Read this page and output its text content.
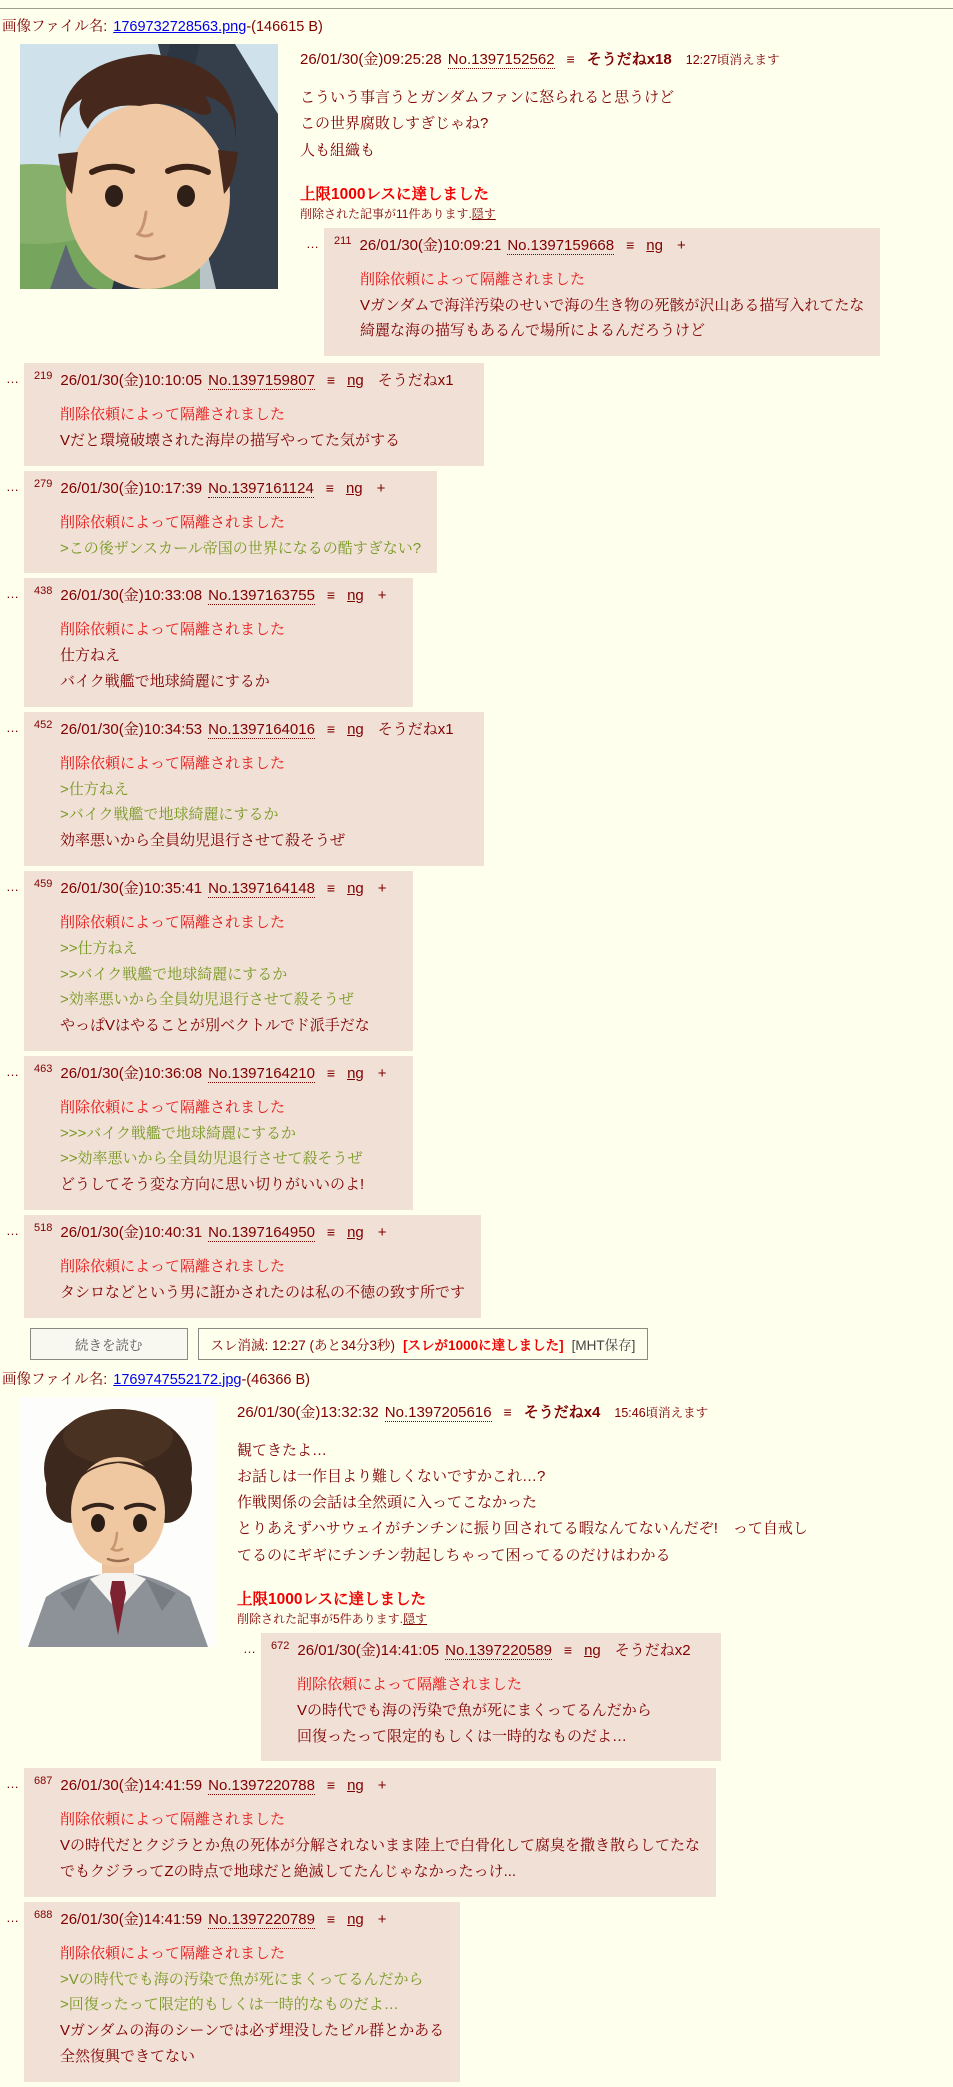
画像ファイル名: 1769732728563.png-(146615 B)
26/01/30(金)09:25:28 No.1397152562 ≡ そうだねx18 12:27頃消えます
こういう事言うとガンダムファンに怒られると思うけど
この世界腐敗しすぎじゃね?
人も組織も
上限1000レスに達しました
削除された記事が11件あります.隠す
…	$^{211}$ 26/01/30(金)10:09:21 No.1397159668 ≡ ng +
削除依頼によって隔離されました
Vガンダムで海洋汚染のせいで海の生き物の死骸が沢山ある描写入れてたな
綺麗な海の描写もあるんで場所によるんだろうけど
…	$^{219}$ 26/01/30(金)10:10:05 No.1397159807 ≡ ng そうだねx1
削除依頼によって隔離されました
Vだと環境破壊された海岸の描写やってた気がする
…	$^{279}$ 26/01/30(金)10:17:39 No.1397161124 ≡ ng +
削除依頼によって隔離されました
>この後ザンスカール帝国の世界になるの酷すぎない?
…	$^{438}$ 26/01/30(金)10:33:08 No.1397163755 ≡ ng +
削除依頼によって隔離されました
仕方ねえ
バイク戦艦で地球綺麗にするか
…	$^{452}$ 26/01/30(金)10:34:53 No.1397164016 ≡ ng そうだねx1
削除依頼によって隔離されました
>仕方ねえ
>バイク戦艦で地球綺麗にするか
効率悪いから全員幼児退行させて殺そうぜ
…	$^{459}$ 26/01/30(金)10:35:41 No.1397164148 ≡ ng +
削除依頼によって隔離されました
>>仕方ねえ
>>バイク戦艦で地球綺麗にするか
>効率悪いから全員幼児退行させて殺そうぜ
やっぱVはやることが別ベクトルでド派手だな
…	$^{463}$ 26/01/30(金)10:36:08 No.1397164210 ≡ ng +
削除依頼によって隔離されました
>>>バイク戦艦で地球綺麗にするか
>>効率悪いから全員幼児退行させて殺そうぜ
どうしてそう変な方向に思い切りがいいのよ!
…	$^{518}$ 26/01/30(金)10:40:31 No.1397164950 ≡ ng +
削除依頼によって隔離されました
タシロなどという男に誑かされたのは私の不徳の致す所です
続きを読む	スレ消滅: 12:27 (あと34分3秒) [スレが1000に達しました] [MHT保存]
画像ファイル名: 1769747552172.jpg-(46366 B)
26/01/30(金)13:32:32 No.1397205616 ≡ そうだねx4 15:46頃消えます
観てきたよ…
お話しは一作目より難しくないですかこれ…?
作戦関係の会話は全然頭に入ってこなかった
とりあえずハサウェイがチンチンに振り回されてる暇なんてないんだぞ!　って自戒し
てるのにギギにチンチン勃起しちゃって困ってるのだけはわかる
上限1000レスに達しました
削除された記事が5件あります.隠す
…	$^{672}$ 26/01/30(金)14:41:05 No.1397220589 ≡ ng そうだねx2
削除依頼によって隔離されました
Vの時代でも海の汚染で魚が死にまくってるんだから
回復ったって限定的もしくは一時的なものだよ…
…	$^{687}$ 26/01/30(金)14:41:59 No.1397220788 ≡ ng +
削除依頼によって隔離されました
Vの時代だとクジラとか魚の死体が分解されないまま陸上で白骨化して腐臭を撒き散らしてたな
でもクジラってZの時点で地球だと絶滅してたんじゃなかったっけ...
…	$^{688}$ 26/01/30(金)14:41:59 No.1397220789 ≡ ng +
削除依頼によって隔離されました
>Vの時代でも海の汚染で魚が死にまくってるんだから
>回復ったって限定的もしくは一時的なものだよ…
Vガンダムの海のシーンでは必ず埋没したビル群とかある
全然復興できてない
